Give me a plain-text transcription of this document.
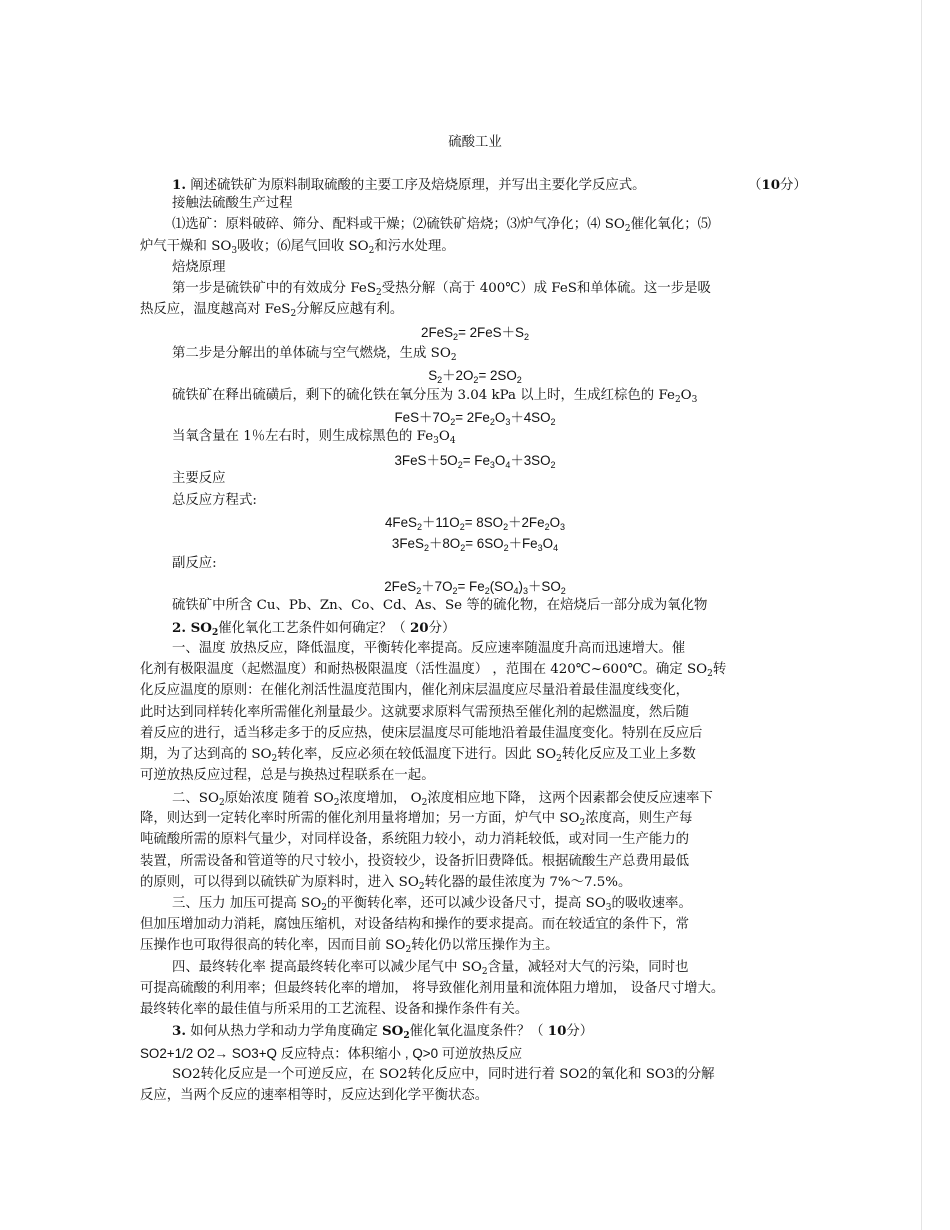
硫酸工业
1. 阐述硫铁矿为原料制取硫酸的主要工序及焙烧原理，并写出主要化学反应式。	（10分）
接触法硫酸生产过程
⑴选矿：原料破碎、筛分、配料或干燥；⑵硫铁矿焙烧；⑶炉气净化；⑷ $SO_2$催化氧化；⑸
炉气干燥和 $SO_3$吸收；⑹尾气回收 $SO_2$和污水处理。
焙烧原理
第一步是硫铁矿中的有效成分 FeS$_2$受热分解（高于 400℃）成 FeS和单体硫。这一步是吸
热反应，温度越高对 FeS$_2$分解反应越有利。
$2FeS_2= 2FeS+S_2$
第二步是分解出的单体硫与空气燃烧，生成 $SO_2$
$S_2+2O_2= 2SO_2$
硫铁矿在释出硫磺后，剩下的硫化铁在氧分压为 3.04 kPa 以上时，生成红棕色的 $Fe_2O_3$
$FeS+7O_2= 2Fe_2O_3+4SO_2$
当氧含量在 1％左右时，则生成棕黑色的 $Fe_3O_4$
$3FeS+5O_2= Fe_3O_4+3SO_2$
主要反应
总反应方程式:
$4FeS_2+11O_2= 8SO_2+2Fe_2O_3$
$3FeS_2+8O_2= 6SO_2+Fe_3O_4$
副反应:
$2FeS_2+7O_2= Fe_2(SO_4)_3+SO_2$
硫铁矿中所含 Cu、Pb、Zn、Co、Cd、As、Se 等的硫化物，在焙烧后一部分成为氧化物
2. $SO_2$催化氧化工艺条件如何确定？（ 20分）
一、温度 放热反应，降低温度，平衡转化率提高。反应速率随温度升高而迅速增大。催
化剂有极限温度（起燃温度）和耐热极限温度（活性温度） ，范围在 420℃~600℃。确定 $SO_2$转
化反应温度的原则：在催化剂活性温度范围内，催化剂床层温度应尽量沿着最佳温度线变化，
此时达到同样转化率所需催化剂量最少。这就要求原料气需预热至催化剂的起燃温度，然后随
着反应的进行，适当移走多于的反应热，使床层温度尽可能地沿着最佳温度变化。特别在反应后
期，为了达到高的 $SO_2$转化率，反应必须在较低温度下进行。因此 $SO_2$转化反应及工业上多数
可逆放热反应过程，总是与换热过程联系在一起。
二、$SO_2$原始浓度 随着 $SO_2$浓度增加， $O_2$浓度相应地下降， 这两个因素都会使反应速率下
降，则达到一定转化率时所需的催化剂用量将增加；另一方面，炉气中 $SO_2$浓度高，则生产每
吨硫酸所需的原料气量少，对同样设备，系统阻力较小，动力消耗较低，或对同一生产能力的
装置，所需设备和管道等的尺寸较小，投资较少，设备折旧费降低。根据硫酸生产总费用最低
的原则，可以得到以硫铁矿为原料时，进入 $SO_2$转化器的最佳浓度为 7%～7.5%。
三、压力 加压可提高 $SO_2$的平衡转化率，还可以减少设备尺寸，提高 $SO_3$的吸收速率。
但加压增加动力消耗，腐蚀压缩机，对设备结构和操作的要求提高。而在较适宜的条件下，常
压操作也可取得很高的转化率，因而目前 $SO_2$转化仍以常压操作为主。
四、最终转化率 提高最终转化率可以减少尾气中 $SO_2$含量，减轻对大气的污染，同时也
可提高硫酸的利用率；但最终转化率的增加， 将导致催化剂用量和流体阻力增加， 设备尺寸增大。
最终转化率的最佳值与所采用的工艺流程、设备和操作条件有关。
3. 如何从热力学和动力学角度确定 $SO_2$催化氧化温度条件？（ 10分）
SO2+1/2 O2→ SO3+Q 反应特点：体积缩小 , Q>0 可逆放热反应
SO2转化反应是一个可逆反应，在 SO2转化反应中，同时进行着 SO2的氧化和 SO3的分解
反应，当两个反应的速率相等时，反应达到化学平衡状态。
